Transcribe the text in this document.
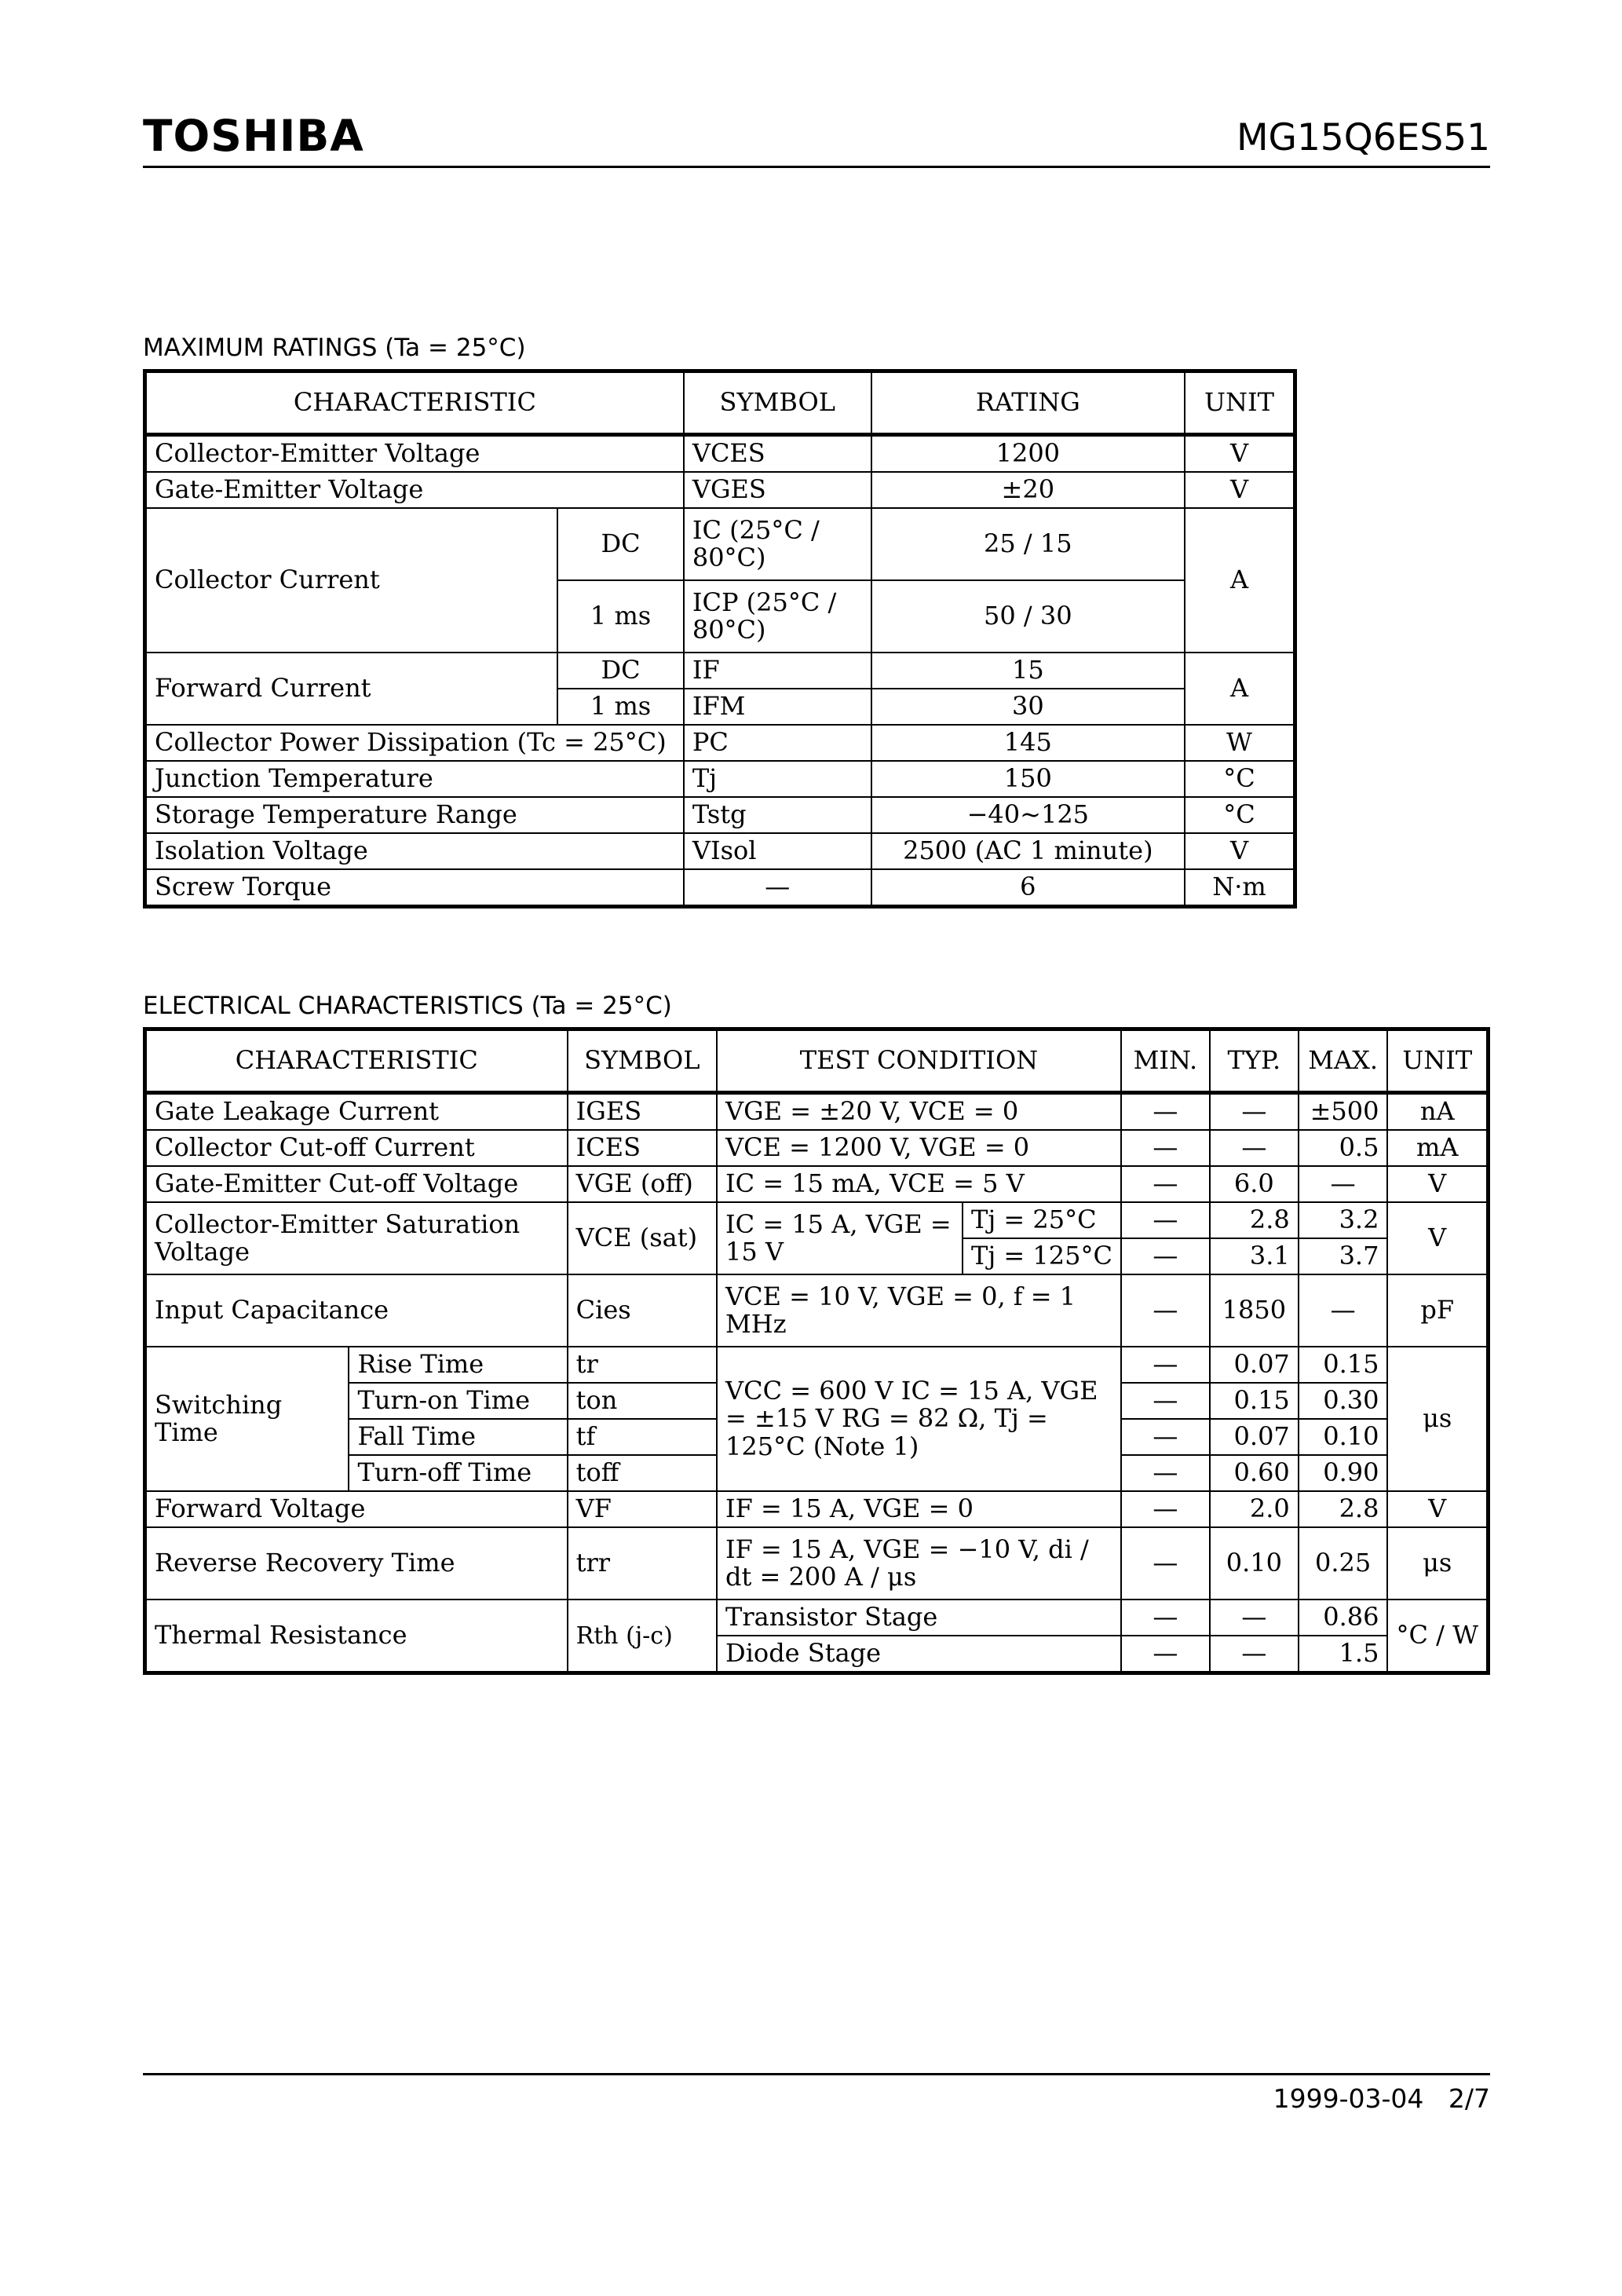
TOSHIBA	MG15Q6ES51
MAXIMUM RATINGS (Ta = 25°C)
CHARACTERISTIC		SYMBOL	RATING	UNIT
Collector-Emitter Voltage		VCES	1200	V
Gate-Emitter Voltage		VGES	±20	V
Collector Current	DC	IC (25°C / 80°C)	25 / 15	A
	1 ms	ICP (25°C / 80°C)	50 / 30	
Forward Current	DC	IF	15	A
	1 ms	IFM	30	
Collector Power Dissipation (Tc = 25°C)		PC	145	W
Junction Temperature		Tj	150	°C
Storage Temperature Range		Tstg	−40~125	°C
Isolation Voltage		VIsol	2500 (AC 1 minute)	V
Screw Torque		—	6	N·m
ELECTRICAL CHARACTERISTICS (Ta = 25°C)
CHARACTERISTIC		SYMBOL	TEST CONDITION		MIN.	TYP.	MAX.	UNIT
Gate Leakage Current		IGES	VGE = ±20 V, VCE = 0		—	—	±500	nA
Collector Cut-off Current		ICES	VCE = 1200 V, VGE = 0		—	—	0.5	mA
Gate-Emitter Cut-off Voltage		VGE (off)	IC = 15 mA, VCE = 5 V		—	6.0	—	V
Collector-Emitter Saturation Voltage		VCE (sat)	IC = 15 A, VGE = 15 V	Tj = 25°C	—	2.8	3.2	V
				Tj = 125°C	—	3.1	3.7	
Input Capacitance		Cies	VCE = 10 V, VGE = 0, f = 1 MHz		—	1850	—	pF
Switching Time	Rise Time	tr	VCC = 600 V IC = 15 A, VGE = ±15 V RG = 82 Ω, Tj = 125°C (Note 1)		—	0.07	0.15	μs
	Turn-on Time	ton			—	0.15	0.30	
	Fall Time	tf			—	0.07	0.10	
	Turn-off Time	toff			—	0.60	0.90	
Forward Voltage		VF	IF = 15 A, VGE = 0		—	2.0	2.8	V
Reverse Recovery Time		trr	IF = 15 A, VGE = −10 V, di / dt = 200 A / μs		—	0.10	0.25	μs
Thermal Resistance		Rth (j-c)	Transistor Stage		—	—	0.86	°C / W
			Diode Stage		—	—	1.5	
1999-03-04 2/7
